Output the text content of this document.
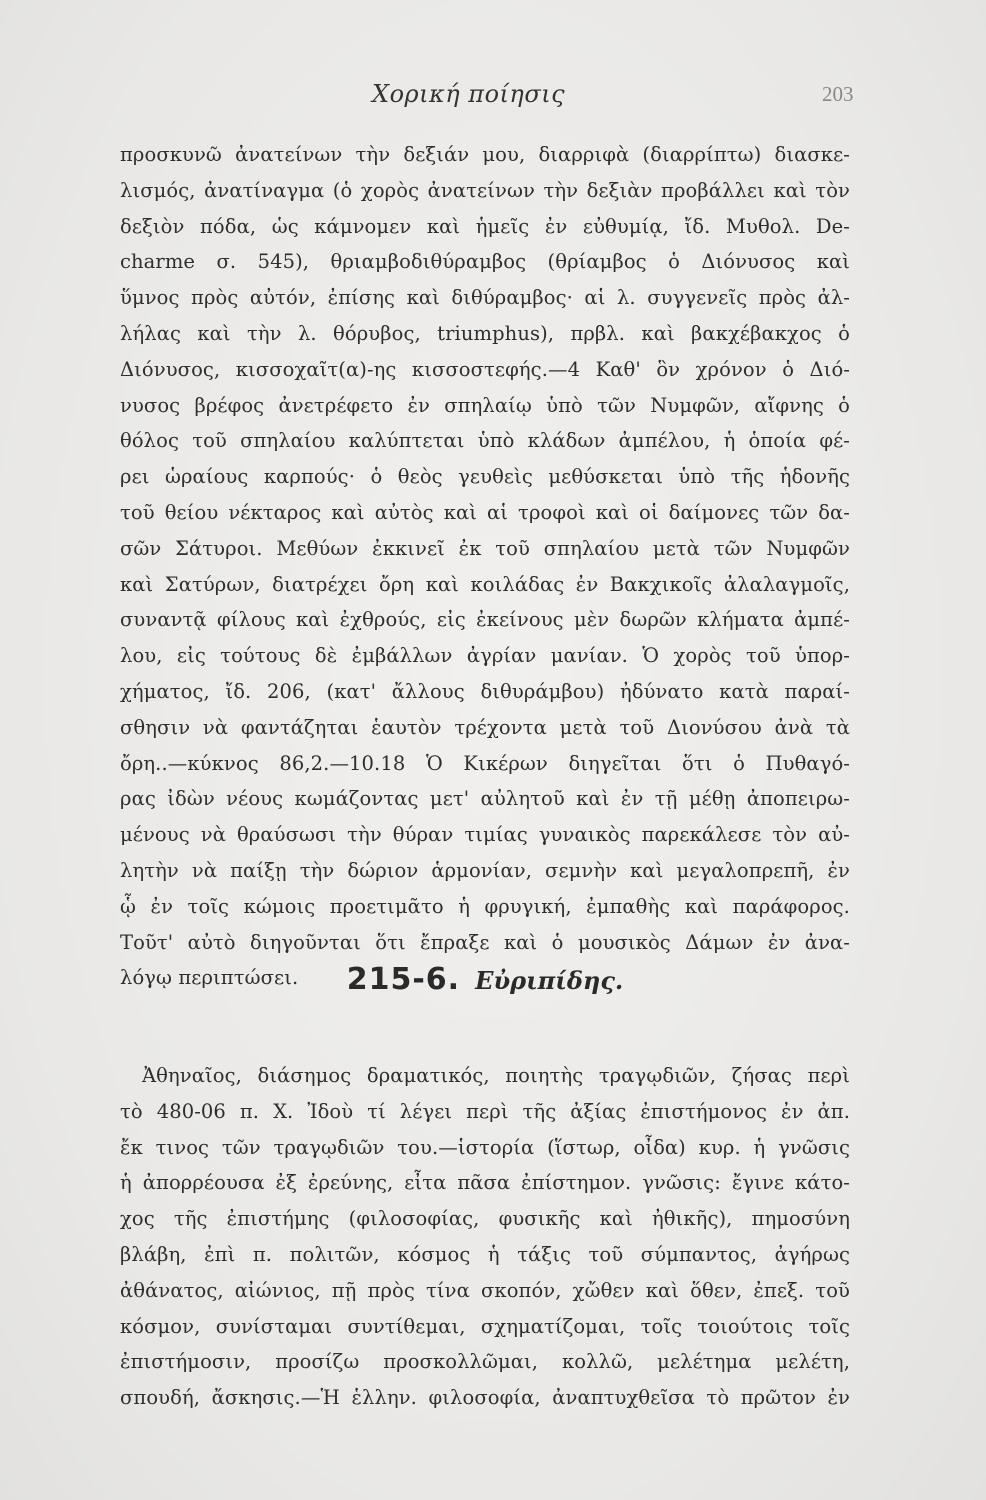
Χορική ποίησις	203
προσκυνῶ ἀνατείνων τὴν δεξιάν μου, διαρριφὰ (διαρρίπτω) διασκε-
λισμός, ἀνατίναγμα (ὁ χορὸς ἀνατείνων τὴν δεξιὰν προβάλλει καὶ τὸν
δεξιὸν πόδα, ὡς κάμνομεν καὶ ἡμεῖς ἐν εὐθυμίᾳ, ἴδ. Μυθολ. De-
charme σ. 545), θριαμβοδιθύραμβος (θρίαμβος ὁ Διόνυσος καὶ
ὕμνος πρὸς αὐτόν, ἐπίσης καὶ διθύραμβος· αἱ λ. συγγενεῖς πρὸς ἀλ-
λήλας καὶ τὴν λ. θόρυβος, triumphus), πρβλ. καὶ βακχέβακχος ὁ
Διόνυσος, κισσοχαῖτ(α)-ης κισσοστεφής.—4 Καθ' ὃν χρόνον ὁ Διό-
νυσος βρέφος ἀνετρέφετο ἐν σπηλαίῳ ὑπὸ τῶν Νυμφῶν, αἴφνης ὁ
θόλος τοῦ σπηλαίου καλύπτεται ὑπὸ κλάδων ἀμπέλου, ἡ ὁποία φέ-
ρει ὡραίους καρπούς· ὁ θεὸς γευθεὶς μεθύσκεται ὑπὸ τῆς ἡδονῆς
τοῦ θείου νέκταρος καὶ αὐτὸς καὶ αἱ τροφοὶ καὶ οἱ δαίμονες τῶν δα-
σῶν Σάτυροι. Μεθύων ἐκκινεῖ ἐκ τοῦ σπηλαίου μετὰ τῶν Νυμφῶν
καὶ Σατύρων, διατρέχει ὄρη καὶ κοιλάδας ἐν Βακχικοῖς ἀλαλαγμοῖς,
συναντᾷ φίλους καὶ ἐχθρούς, εἰς ἐκείνους μὲν δωρῶν κλήματα ἀμπέ-
λου, εἰς τούτους δὲ ἐμβάλλων ἀγρίαν μανίαν. Ὁ χορὸς τοῦ ὑπορ-
χήματος, ἴδ. 206, (κατ' ἄλλους διθυράμβου) ἠδύνατο κατὰ παραί-
σθησιν νὰ φαντάζηται ἑαυτὸν τρέχοντα μετὰ τοῦ Διονύσου ἀνὰ τὰ
ὄρη..—κύκνος 86,2.—10.18 Ὁ Κικέρων διηγεῖται ὅτι ὁ Πυθαγό-
ρας ἰδὼν νέους κωμάζοντας μετ' αὐλητοῦ καὶ ἐν τῇ μέθῃ ἀποπειρω-
μένους νὰ θραύσωσι τὴν θύραν τιμίας γυναικὸς παρεκάλεσε τὸν αὐ-
λητὴν νὰ παίξῃ τὴν δώριον ἁρμονίαν, σεμνὴν καὶ μεγαλοπρεπῆ, ἐν
ᾧ ἐν τοῖς κώμοις προετιμᾶτο ἡ φρυγική, ἐμπαθὴς καὶ παράφορος.
Τοῦτ' αὐτὸ διηγοῦνται ὅτι ἔπραξε καὶ ὁ μουσικὸς Δάμων ἐν ἀνα-
λόγῳ περιπτώσει.	215-6. Εὐριπίδης.
Ἀθηναῖος, διάσημος δραματικός, ποιητὴς τραγῳδιῶν, ζήσας περὶ
τὸ 480-06 π. Χ. Ἰδοὺ τί λέγει περὶ τῆς ἀξίας ἐπιστήμονος ἐν ἀπ.
ἔκ τινος τῶν τραγῳδιῶν του.—ἱστορία (ἵστωρ, οἶδα) κυρ. ἡ γνῶσις
ἡ ἀπορρέουσα ἐξ ἐρεύνης, εἶτα πᾶσα ἐπίστημον. γνῶσις: ἔγινε κάτο-
χος τῆς ἐπιστήμης (φιλοσοφίας, φυσικῆς καὶ ἠθικῆς), πημοσύνη
βλάβη, ἐπὶ π. πολιτῶν, κόσμος ἡ τάξις τοῦ σύμπαντος, ἀγήρως
ἀθάνατος, αἰώνιος, πῇ πρὸς τίνα σκοπόν, χὤθεν καὶ ὅθεν, ἐπεξ. τοῦ
κόσμον, συνίσταμαι συντίθεμαι, σχηματίζομαι, τοῖς τοιούτοις τοῖς
ἐπιστήμοσιν, προσίζω προσκολλῶμαι, κολλῶ, μελέτημα μελέτη,
σπουδή, ἄσκησις.—Ἡ ἑλλην. φιλοσοφία, ἀναπτυχθεῖσα τὸ πρῶτον ἐν
